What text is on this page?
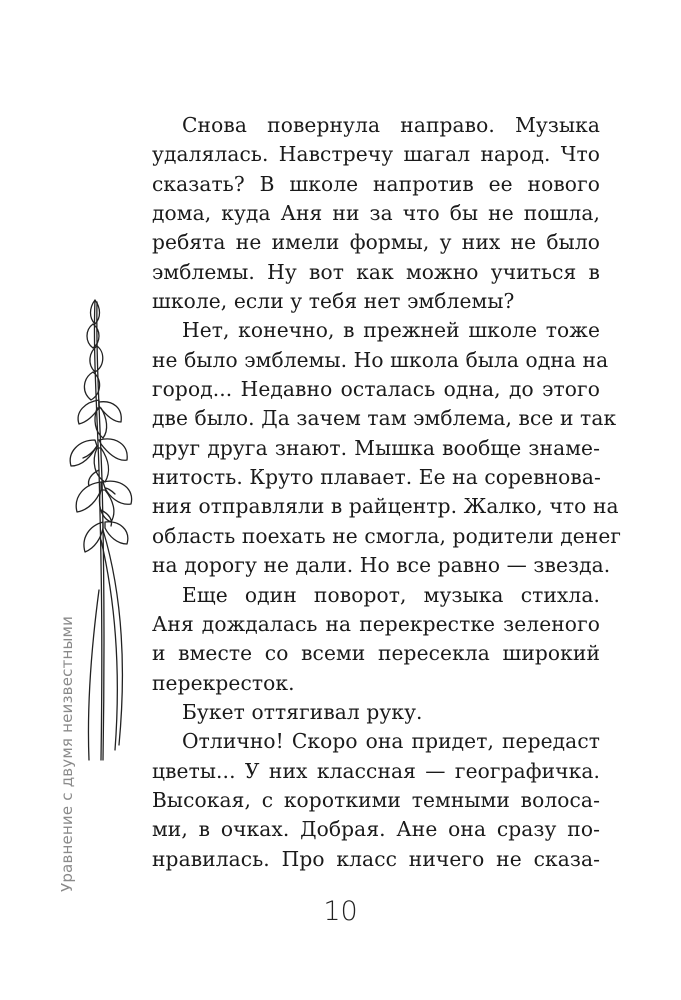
Уравнение с двумя неизвестными
Снова повернула направо. Музыка
удалялась. Навстречу шагал народ. Что
сказать? В школе напротив ее нового
дома, куда Аня ни за что бы не пошла,
ребята не имели формы, у них не было
эмблемы. Ну вот как можно учиться в
школе, если у тебя нет эмблемы?
Нет, конечно, в прежней школе тоже
не было эмблемы. Но школа была одна на
город... Недавно осталась одна, до этого
две было. Да зачем там эмблема, все и так
друг друга знают. Мышка вообще знаме-
нитость. Круто плавает. Ее на соревнова-
ния отправляли в райцентр. Жалко, что на
область поехать не смогла, родители денег
на дорогу не дали. Но все равно — звезда.
Еще один поворот, музыка стихла.
Аня дождалась на перекрестке зеленого
и вместе со всеми пересекла широкий
перекресток.
Букет оттягивал руку.
Отлично! Скоро она придет, передаст
цветы... У них классная — географичка.
Высокая, с короткими темными волоса-
ми, в очках. Добрая. Ане она сразу по-
нравилась. Про класс ничего не сказа-
10
